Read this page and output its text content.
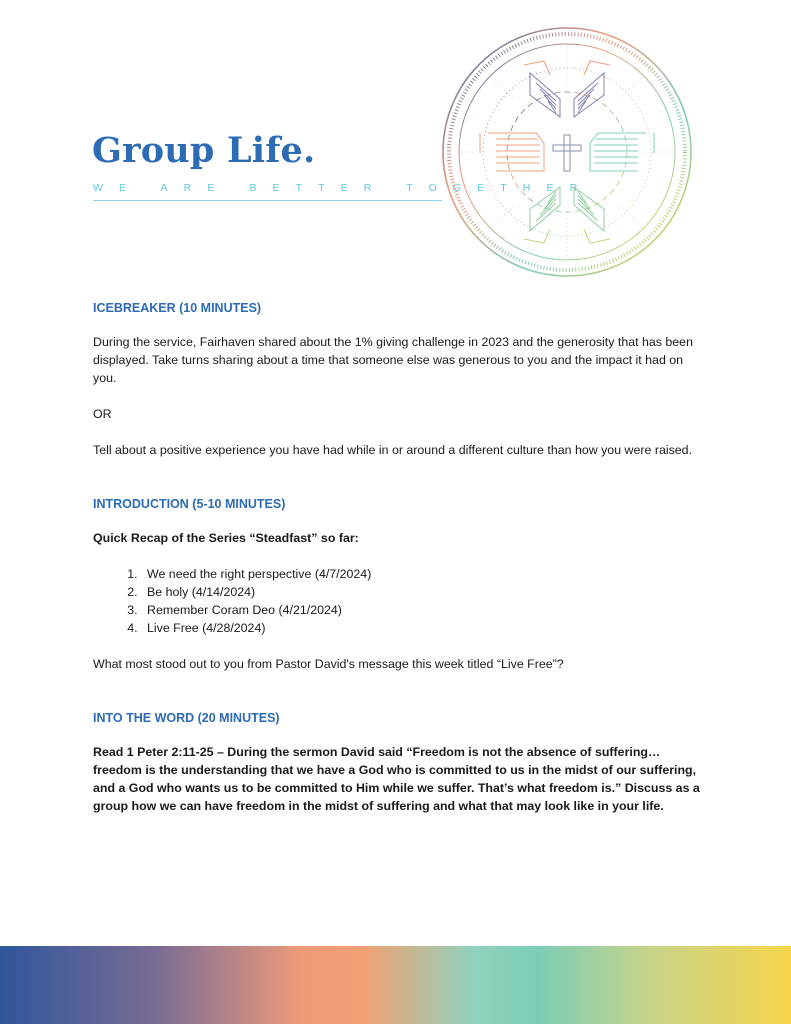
Group Life.
WE ARE BETTER TOGETHER
ICEBREAKER (10 MINUTES)

During the service, Fairhaven shared about the 1% giving challenge in 2023 and the generosity that has been displayed. Take turns sharing about a time that someone else was generous to you and the impact it had on you.

OR

Tell about a positive experience you have had while in or around a different culture than how you were raised.

INTRODUCTION (5-10 MINUTES)

Quick Recap of the Series “Steadfast” so far:

1. We need the right perspective (4/7/2024)
2. Be holy (4/14/2024)
3. Remember Coram Deo (4/21/2024)
4. Live Free (4/28/2024)

What most stood out to you from Pastor David's message this week titled “Live Free”?

INTO THE WORD (20 MINUTES)

Read 1 Peter 2:11-25 – During the sermon David said “Freedom is not the absence of suffering…freedom is the understanding that we have a God who is committed to us in the midst of our suffering, and a God who wants us to be committed to Him while we suffer. That’s what freedom is.” Discuss as a group how we can have freedom in the midst of suffering and what that may look like in your life.
